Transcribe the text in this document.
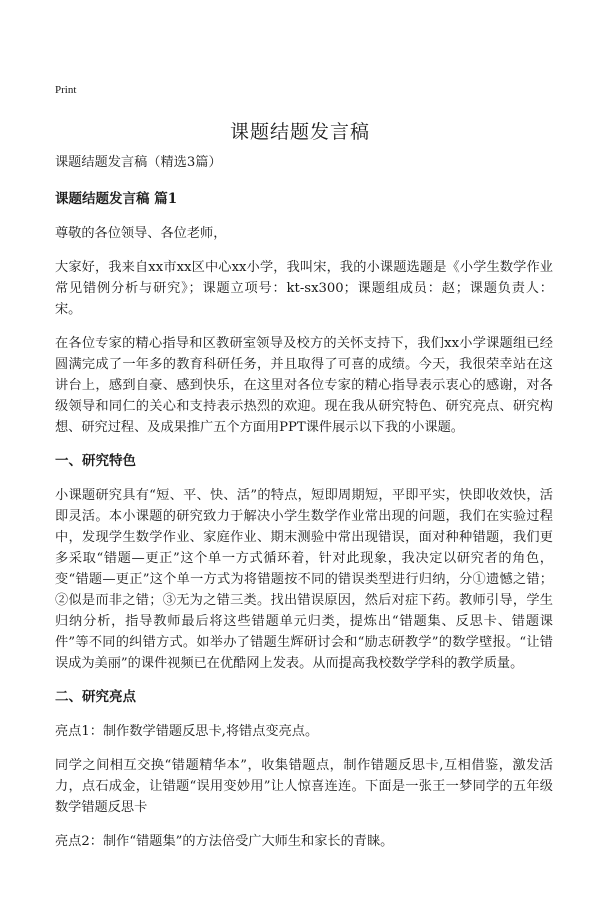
Print
课题结题发言稿

课题结题发言稿（精选3篇）

课题结题发言稿 篇1

尊敬的各位领导、各位老师，

大家好，我来自xx市xx区中心xx小学，我叫宋，我的小课题选题是《小学生数学作业常见错例分析与研究》；课题立项号：kt-sx300；课题组成员：赵；课题负责人：宋。

在各位专家的精心指导和区教研室领导及校方的关怀支持下，我们xx小学课题组已经圆满完成了一年多的教育科研任务，并且取得了可喜的成绩。今天，我很荣幸站在这讲台上，感到自豪、感到快乐，在这里对各位专家的精心指导表示衷心的感谢，对各级领导和同仁的关心和支持表示热烈的欢迎。现在我从研究特色、研究亮点、研究构想、研究过程、及成果推广五个方面用PPT课件展示以下我的小课题。

一、研究特色

小课题研究具有“短、平、快、活”的特点，短即周期短，平即平实，快即收效快，活即灵活。本小课题的研究致力于解决小学生数学作业常出现的问题，我们在实验过程中，发现学生数学作业、家庭作业、期末测验中常出现错误，面对种种错题，我们更多采取“错题—更正”这个单一方式循环着，针对此现象，我决定以研究者的角色，变“错题—更正”这个单一方式为将错题按不同的错误类型进行归纳，分①遗憾之错；②似是而非之错；③无为之错三类。找出错误原因，然后对症下药。教师引导，学生归纳分析，指导教师最后将这些错题单元归类，提炼出“错题集、反思卡、错题课件”等不同的纠错方式。如举办了错题生辉研讨会和“励志研教学”的数学壁报。“让错误成为美丽”的课件视频已在优酷网上发表。从而提高我校数学学科的教学质量。

二、研究亮点

亮点1：制作数学错题反思卡,将错点变亮点。

同学之间相互交换“错题精华本”，收集错题点，制作错题反思卡,互相借鉴，激发活力，点石成金，让错题“误用变妙用”让人惊喜连连。下面是一张王一梦同学的五年级数学错题反思卡

亮点2：制作“错题集”的方法倍受广大师生和家长的青睐。
